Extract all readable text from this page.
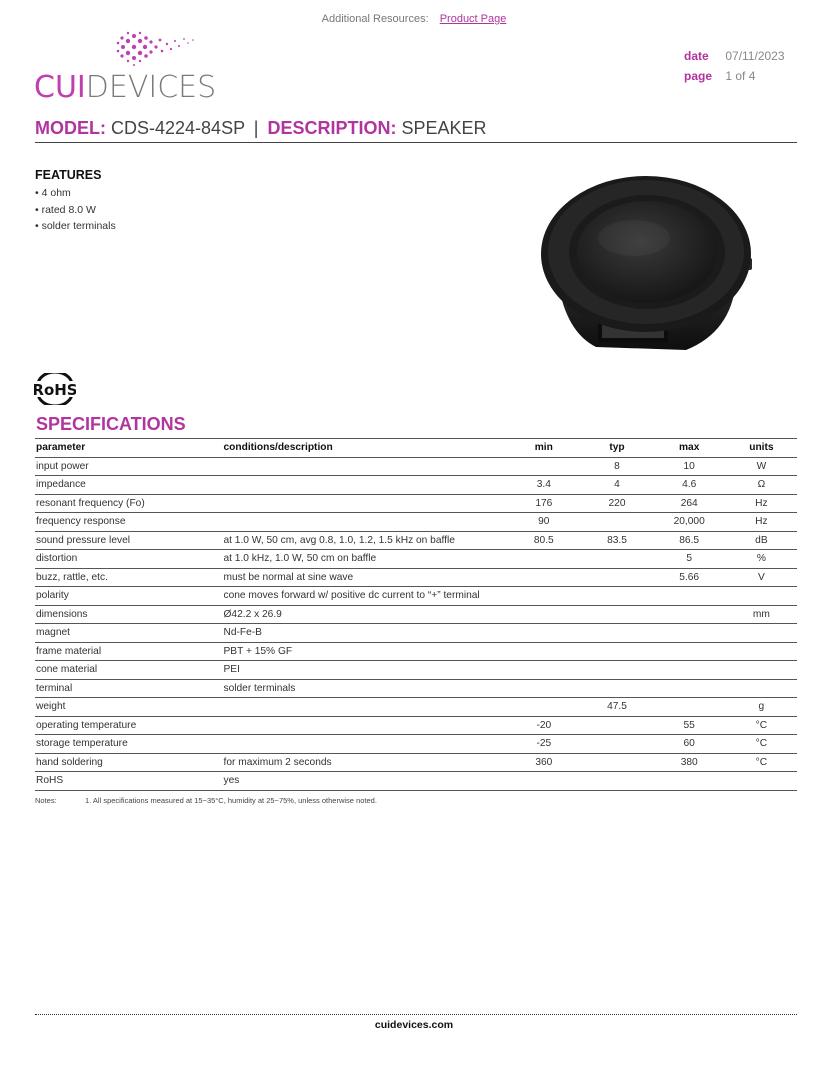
Additional Resources: Product Page
CUIDEVICES
date 07/11/2023
page 1 of 4
MODEL: CDS-4224-84SP | DESCRIPTION: SPEAKER
FEATURES
• 4 ohm
• rated 8.0 W
• solder terminals
RoHS
SPECIFICATIONS
parameter	conditions/description	min	typ	max	units
input power			8	10	W
impedance		3.4	4	4.6	Ω
resonant frequency (Fo)		176	220	264	Hz
frequency response		90		20,000	Hz
sound pressure level	at 1.0 W, 50 cm, avg 0.8, 1.0, 1.2, 1.5 kHz on baffle	80.5	83.5	86.5	dB
distortion	at 1.0 kHz, 1.0 W, 50 cm on baffle			5	%
buzz, rattle, etc.	must be normal at sine wave			5.66	V
polarity	cone moves forward w/ positive dc current to “+” terminal				
dimensions	Ø42.2 x 26.9				mm
magnet	Nd-Fe-B				
frame material	PBT + 15% GF				
cone material	PEI				
terminal	solder terminals				
weight			47.5		g
operating temperature		-20		55	°C
storage temperature		-25		60	°C
hand soldering	for maximum 2 seconds	360		380	°C
RoHS	yes				
Notes:	1. All specifications measured at 15~35°C, humidity at 25~75%, unless otherwise noted.
cuidevices.com
